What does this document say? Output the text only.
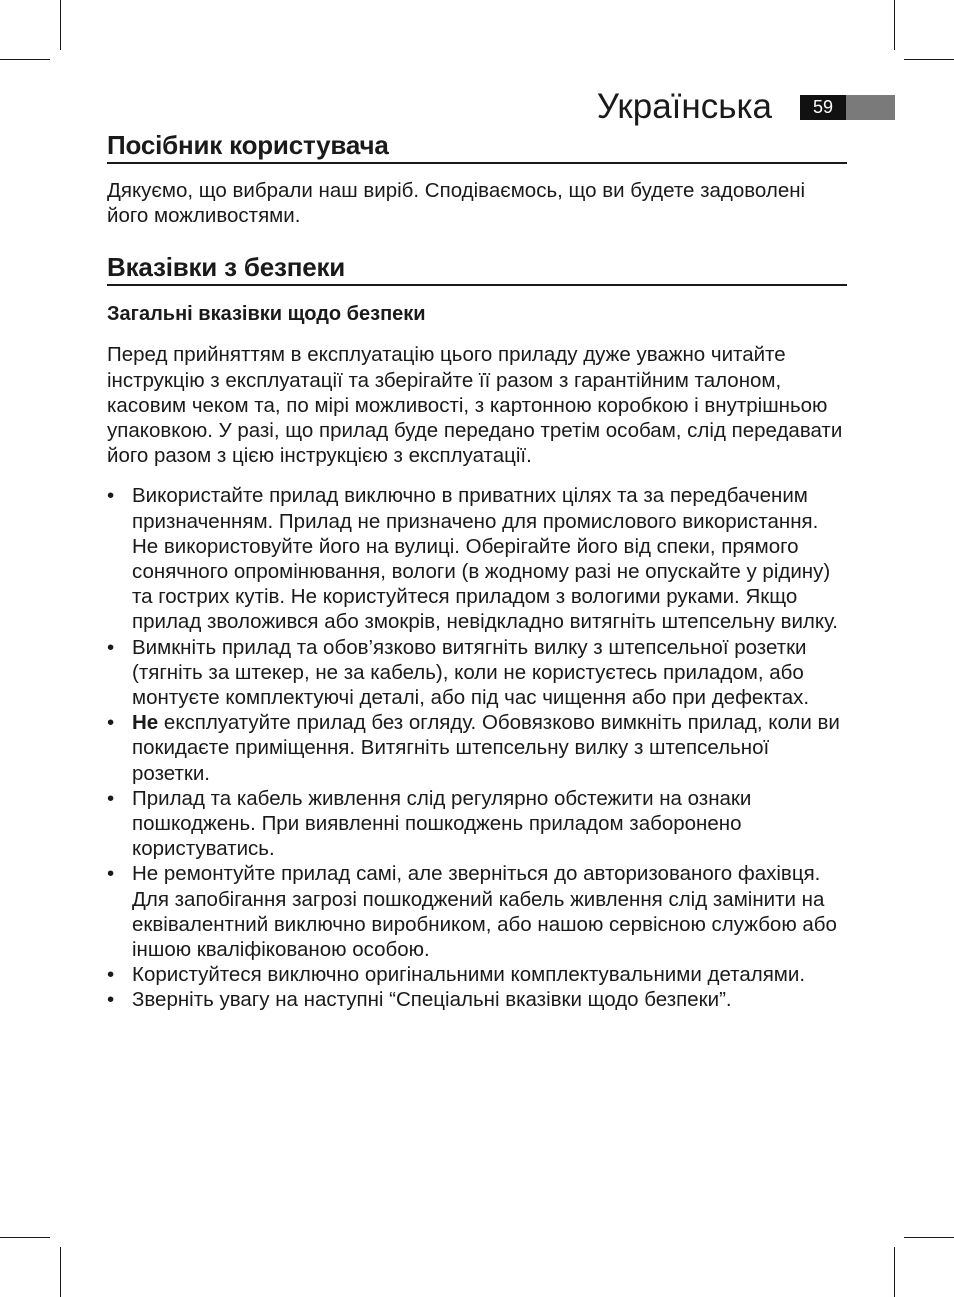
Українська	59
Посібник користувача

Дякуємо, що вибрали наш виріб. Сподіваємось, що ви будете задоволені його можливостями.

Вказівки з безпеки
Загальні вказівки щодо безпеки

Перед прийняттям в експлуатацію цього приладу дуже уважно читайте інструкцію з експлуатації та зберігайте її разом з гарантійним талоном, касовим чеком та, по мірі можливості, з картонною коробкою і внутрішньою упаковкою. У разі, що прилад буде передано третім особам, слід передавати його разом з цією інструкцією з експлуатації.

• Використайте прилад виключно в приватних цілях та за передбаченим призначенням. Прилад не призначено для промислового використання.
Не використовуйте його на вулиці. Оберігайте його від спеки, прямого сонячного опромінювання, вологи (в жодному разі не опускайте у рідину) та гострих кутів. Не користуйтеся приладом з вологими руками. Якщо прилад зволожився або змокрів, невідкладно витягніть штепсельну вилку.
• Вимкніть прилад та обов’язково витягніть вилку з штепсельної розетки (тягніть за штекер, не за кабель), коли не користуєтесь приладом, або монтуєте комплектуючі деталі, або під час чищення або при дефектах.
• Не експлуатуйте прилад без огляду. Обовязково вимкніть прилад, коли ви покидаєте приміщення. Витягніть штепсельну вилку з штепсельної розетки.
• Прилад та кабель живлення слід регулярно обстежити на ознаки пошкоджень. При виявленні пошкоджень приладом заборонено користуватись.
• Не ремонтуйте прилад самі, але зверніться до авторизованого фахівця. Для запобігання загрозі пошкоджений кабель живлення слід замінити на еквівалентний виключно виробником, або нашою сервісною службою або іншою кваліфікованою особою.
• Користуйтеся виключно оригінальними комплектувальними деталями.
• Зверніть увагу на наступні “Спеціальні вказівки щодо безпеки”.
